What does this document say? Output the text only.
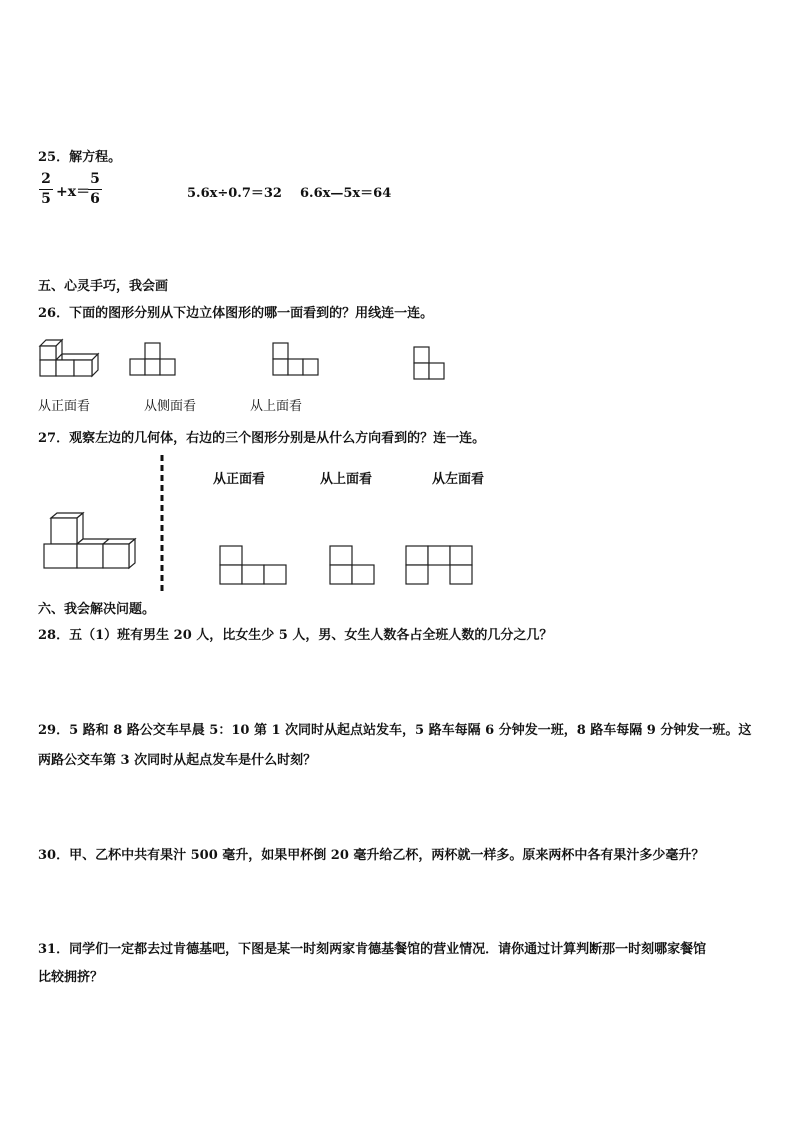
25．解方程。
2
5 +x＝
5
6	5.6x÷0.7＝32 6.6x—5x＝64
五、心灵手巧，我会画
26．下面的图形分别从下边立体图形的哪一面看到的？用线连一连。
从正面看	从侧面看	从上面看
27．观察左边的几何体，右边的三个图形分别是从什么方向看到的？连一连。
从正面看	从上面看	从左面看
六、我会解决问题。
28．五（1）班有男生 20 人，比女生少 5 人，男、女生人数各占全班人数的几分之几？
29．5 路和 8 路公交车早晨 5：10 第 1 次同时从起点站发车，5 路车每隔 6 分钟发一班，8 路车每隔 9 分钟发一班。这
两路公交车第 3 次同时从起点发车是什么时刻？
30．甲、乙杯中共有果汁 500 毫升，如果甲杯倒 20 毫升给乙杯，两杯就一样多。原来两杯中各有果汁多少毫升？
31．同学们一定都去过肯德基吧，下图是某一时刻两家肯德基餐馆的营业情况．请你通过计算判断那一时刻哪家餐馆
比较拥挤？
